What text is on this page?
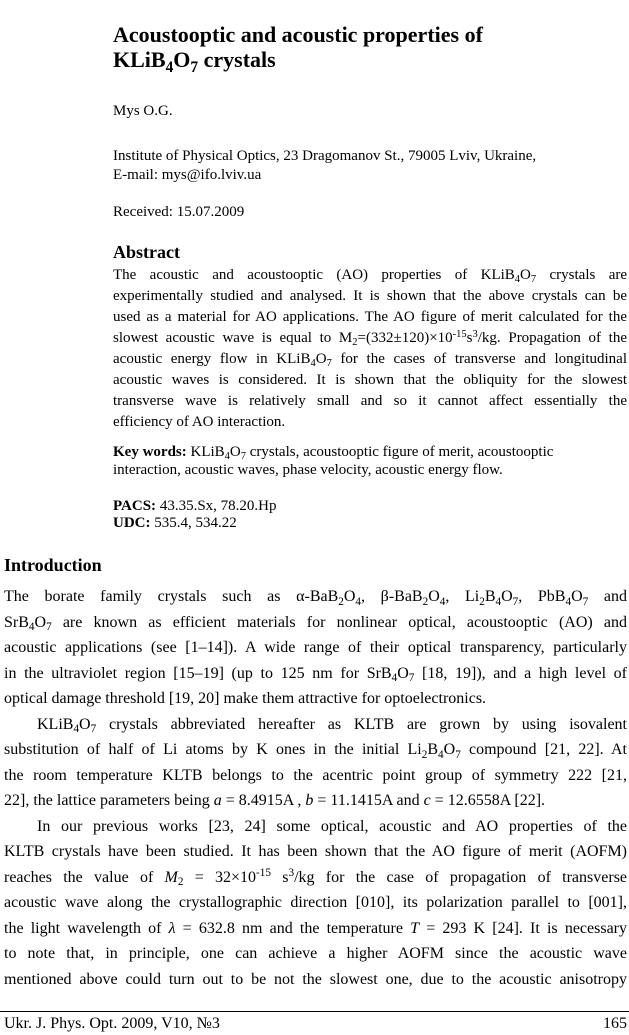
Acoustooptic and acoustic properties of
$KLiB_4O_7$ crystals
Mys O.G.
Institute of Physical Optics, 23 Dragomanov St., 79005 Lviv, Ukraine,
E-mail: mys@ifo.lviv.ua
Received: 15.07.2009
Abstract
The acoustic and acoustooptic (AO) properties of $KLiB_4O_7$ crystals are
experimentally studied and analysed. It is shown that the above crystals can be
used as a material for AO applications. The AO figure of merit calculated for the
slowest acoustic wave is equal to $M_2=(332\pm 120)\times 10^{-15}s^3/kg$. Propagation of the
acoustic energy flow in $KLiB_4O_7$ for the cases of transverse and longitudinal
acoustic waves is considered. It is shown that the obliquity for the slowest
transverse wave is relatively small and so it cannot affect essentially the
efficiency of AO interaction.
Key words: $KLiB_4O_7$ crystals, acoustooptic figure of merit, acoustooptic
interaction, acoustic waves, phase velocity, acoustic energy flow.
PACS: 43.35.Sx, 78.20.Hp
UDC: 535.4, 534.22
Introduction
The borate family crystals such as $\alpha-BaB_2O_4$, $\beta-BaB_2O_4$, $Li_2B_4O_7$, $PbB_4O_7$ and
$SrB_4O_7$ are known as efficient materials for nonlinear optical, acoustooptic (AO) and
acoustic applications (see [1–14]). A wide range of their optical transparency, particularly
in the ultraviolet region [15–19] (up to 125 nm for $SrB_4O_7$ [18, 19]), and a high level of
optical damage threshold [19, 20] make them attractive for optoelectronics.
$KLiB_4O_7$ crystals abbreviated hereafter as KLTB are grown by using isovalent
substitution of half of Li atoms by K ones in the initial $Li_2B_4O_7$ compound [21, 22]. At
the room temperature KLTB belongs to the acentric point group of symmetry 222 [21,
22], the lattice parameters being a = 8.4915A , b = 11.1415A and c = 12.6558A [22].
In our previous works [23, 24] some optical, acoustic and AO properties of the
KLTB crystals have been studied. It has been shown that the AO figure of merit (AOFM)
reaches the value of $M_2 = 32\times 10^{-15}$ $s^3/kg$ for the case of propagation of transverse
acoustic wave along the crystallographic direction [010], its polarization parallel to [001],
the light wavelength of λ = 632.8 nm and the temperature T = 293 K [24]. It is necessary
to note that, in principle, one can achieve a higher AOFM since the acoustic wave
mentioned above could turn out to be not the slowest one, due to the acoustic anisotropy
Ukr. J. Phys. Opt. 2009, V10, №3	165
